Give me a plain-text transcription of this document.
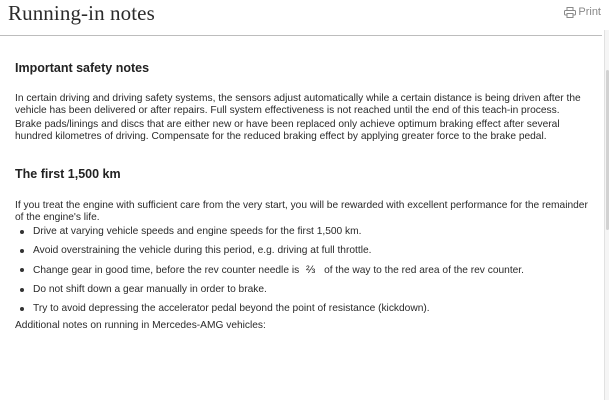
Running-in notes	Print
Important safety notes

In certain driving and driving safety systems, the sensors adjust automatically while a certain distance is being driven after the vehicle has been delivered or after repairs. Full system effectiveness is not reached until the end of this teach-in process.

Brake pads/linings and discs that are either new or have been replaced only achieve optimum braking effect after several hundred kilometres of driving. Compensate for the reduced braking effect by applying greater force to the brake pedal.

The first 1,500 km

If you treat the engine with sufficient care from the very start, you will be rewarded with excellent performance for the remainder of the engine's life.

Drive at varying vehicle speeds and engine speeds for the first 1,500 km.
Avoid overstraining the vehicle during this period, e.g. driving at full throttle.
Change gear in good time, before the rev counter needle is ⅔ of the way to the red area of the rev counter.
Do not shift down a gear manually in order to brake.
Try to avoid depressing the accelerator pedal beyond the point of resistance (kickdown).

Additional notes on running in Mercedes-AMG vehicles:
